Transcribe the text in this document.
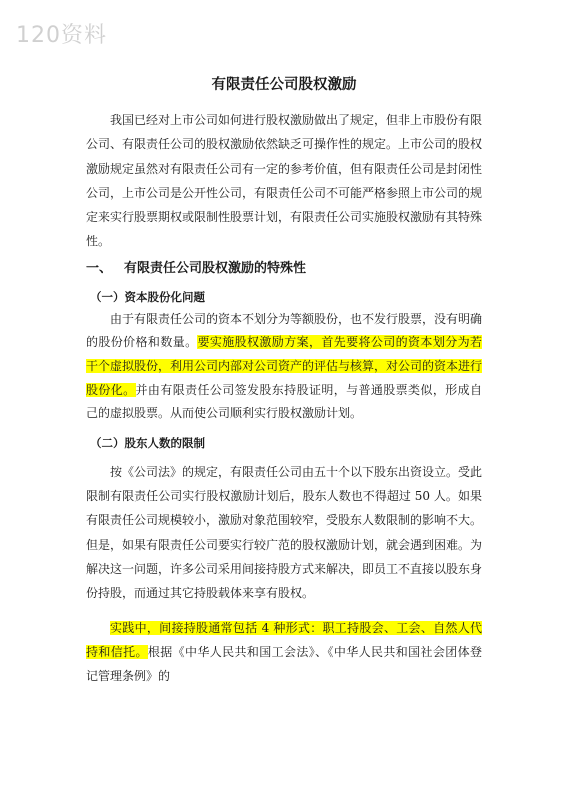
120资料
有限责任公司股权激励

我国已经对上市公司如何进行股权激励做出了规定，但非上市股份有限公司、有限责任公司的股权激励依然缺乏可操作性的规定。上市公司的股权激励规定虽然对有限责任公司有一定的参考价值，但有限责任公司是封闭性公司，上市公司是公开性公司，有限责任公司不可能严格参照上市公司的规定来实行股票期权或限制性股票计划，有限责任公司实施股权激励有其特殊性。

一、 有限责任公司股权激励的特殊性
（一）资本股份化问题

由于有限责任公司的资本不划分为等额股份，也不发行股票，没有明确的股份价格和数量。要实施股权激励方案，首先要将公司的资本划分为若干个虚拟股份，利用公司内部对公司资产的评估与核算，对公司的资本进行股份化。并由有限责任公司签发股东持股证明，与普通股票类似，形成自己的虚拟股票。从而使公司顺利实行股权激励计划。

（二）股东人数的限制

按《公司法》的规定，有限责任公司由五十个以下股东出资设立。受此限制有限责任公司实行股权激励计划后，股东人数也不得超过 50 人。如果有限责任公司规模较小，激励对象范围较窄，受股东人数限制的影响不大。但是，如果有限责任公司要实行较广范的股权激励计划，就会遇到困难。为解决这一问题，许多公司采用间接持股方式来解决，即员工不直接以股东身份持股，而通过其它持股载体来享有股权。

实践中，间接持股通常包括 4 种形式：职工持股会、工会、自然人代持和信托。根据《中华人民共和国工会法》、《中华人民共和国社会团体登记管理条例》的
